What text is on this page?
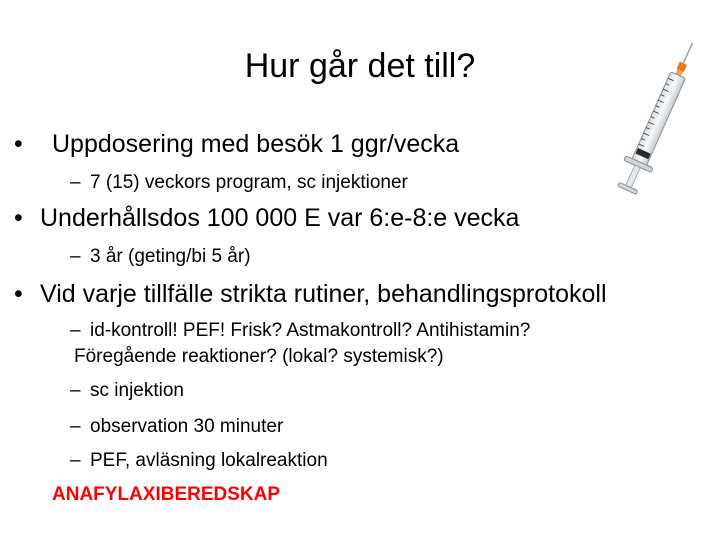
Hur går det till?
• Uppdosering med besök 1 ggr/vecka
– 7 (15) veckors program, sc injektioner
• Underhållsdos 100 000 E var 6:e-8:e vecka
– 3 år (geting/bi 5 år)
• Vid varje tillfälle strikta rutiner, behandlingsprotokoll
– id-kontroll! PEF! Frisk? Astmakontroll? Antihistamin?
Föregående reaktioner? (lokal? systemisk?)
– sc injektion
– observation 30 minuter
– PEF, avläsning lokalreaktion
ANAFYLAXIBEREDSKAP
